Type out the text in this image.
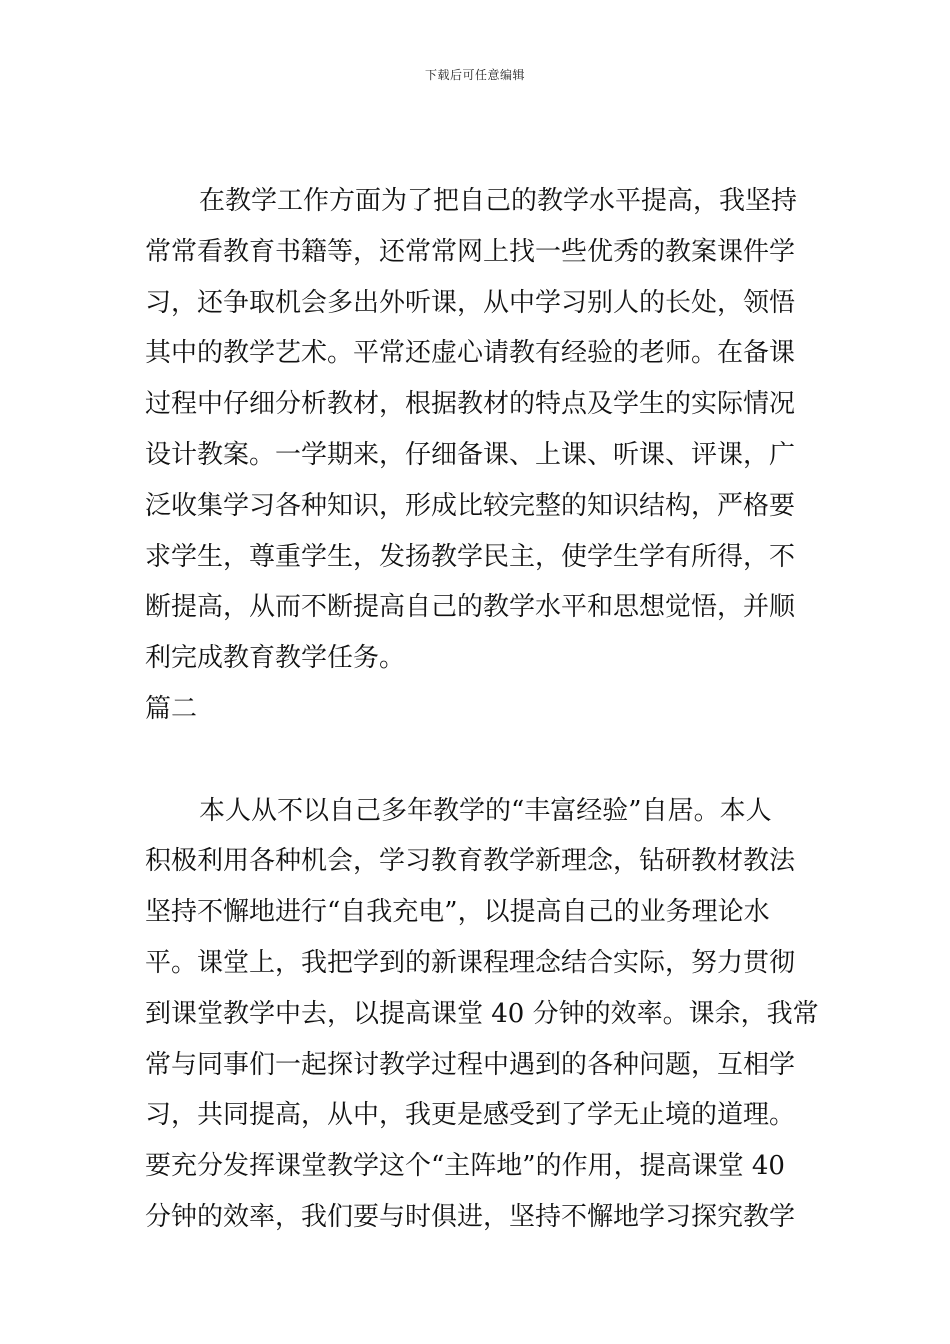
下载后可任意编辑
在教学工作方面为了把自己的教学水平提高，我坚持
常常看教育书籍等，还常常网上找一些优秀的教案课件学
习，还争取机会多出外听课，从中学习别人的长处，领悟
其中的教学艺术。平常还虚心请教有经验的老师。在备课
过程中仔细分析教材，根据教材的特点及学生的实际情况
设计教案。一学期来，仔细备课、上课、听课、评课，广
泛收集学习各种知识，形成比较完整的知识结构，严格要
求学生，尊重学生，发扬教学民主，使学生学有所得，不
断提高，从而不断提高自己的教学水平和思想觉悟，并顺
利完成教育教学任务。
篇二
本人从不以自己多年教学的“丰富经验”自居。本人
积极利用各种机会，学习教育教学新理念，钻研教材教法
坚持不懈地进行“自我充电”，以提高自己的业务理论水
平。课堂上，我把学到的新课程理念结合实际，努力贯彻
到课堂教学中去，以提高课堂 40 分钟的效率。课余，我常
常与同事们一起探讨教学过程中遇到的各种问题，互相学
习，共同提高，从中，我更是感受到了学无止境的道理。
要充分发挥课堂教学这个“主阵地”的作用，提高课堂 40
分钟的效率，我们要与时俱进，坚持不懈地学习探究教学
